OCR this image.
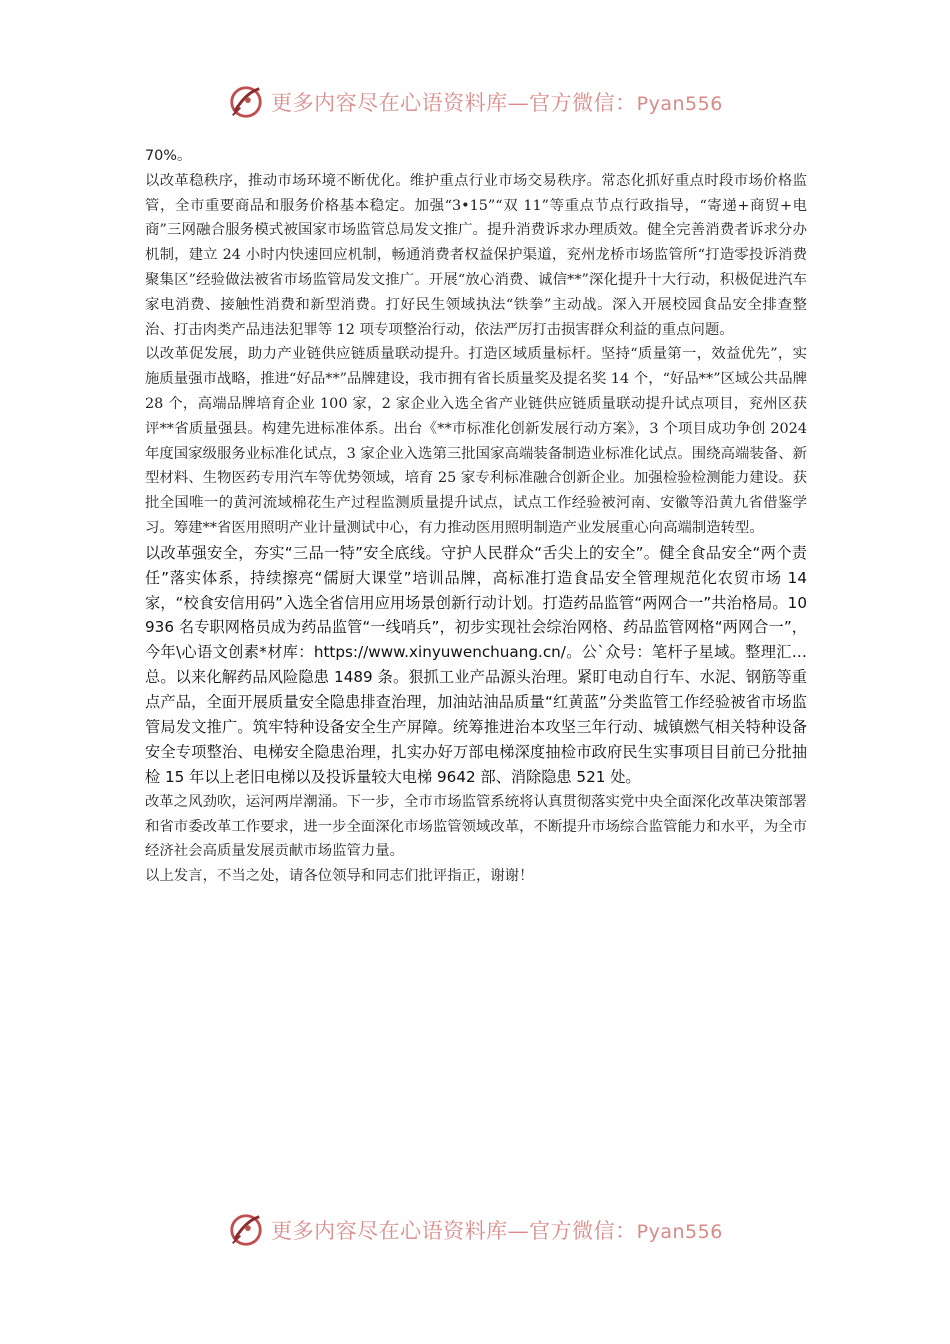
更多内容尽在心语资料库—官方微信：Pyan556

70%。

以改革稳秩序，推动市场环境不断优化。维护重点行业市场交易秩序。常态化抓好重点时段市场价格监管，全市重要商品和服务价格基本稳定。加强“3•15”“双 11”等重点节点行政指导，“寄递+商贸+电商”三网融合服务模式被国家市场监管总局发文推广。提升消费诉求办理质效。健全完善消费者诉求分办机制，建立 24 小时内快速回应机制，畅通消费者权益保护渠道，兖州龙桥市场监管所“打造零投诉消费聚集区”经验做法被省市场监管局发文推广。开展“放心消费、诚信**”深化提升十大行动，积极促进汽车家电消费、接触性消费和新型消费。打好民生领域执法“铁拳”主动战。深入开展校园食品安全排查整治、打击肉类产品违法犯罪等 12 项专项整治行动，依法严厉打击损害群众利益的重点问题。

以改革促发展，助力产业链供应链质量联动提升。打造区域质量标杆。坚持“质量第一，效益优先”，实施质量强市战略，推进“好品**”品牌建设，我市拥有省长质量奖及提名奖 14 个，“好品**”区域公共品牌 28 个，高端品牌培育企业 100 家，2 家企业入选全省产业链供应链质量联动提升试点项目，兖州区获评**省质量强县。构建先进标准体系。出台《**市标准化创新发展行动方案》，3 个项目成功争创 2024 年度国家级服务业标准化试点，3 家企业入选第三批国家高端装备制造业标准化试点。围绕高端装备、新型材料、生物医药专用汽车等优势领域，培育 25 家专利标准融合创新企业。加强检验检测能力建设。获批全国唯一的黄河流域棉花生产过程监测质量提升试点，试点工作经验被河南、安徽等沿黄九省借鉴学习。筹建**省医用照明产业计量测试中心，有力推动医用照明制造产业发展重心向高端制造转型。

以改革强安全，夯实“三品一特”安全底线。守护人民群众“舌尖上的安全”。健全食品安全“两个责任”落实体系，持续擦亮“儒厨大课堂”培训品牌，高标准打造食品安全管理规范化农贸市场 14 家，“校食安信用码”入选全省信用应用场景创新行动计划。打造药品监管“两网合一”共治格局。10936 名专职网格员成为药品监管“一线哨兵”，初步实现社会综治网格、药品监管网格“两网合一”，今年\心语文创素*材库：https://www.xinyuwenchuang.cn/。公`众号：笔杆子星域。整理汇…总。以来化解药品风险隐患 1489 条。狠抓工业产品源头治理。紧盯电动自行车、水泥、钢筋等重点产品，全面开展质量安全隐患排查治理，加油站油品质量“红黄蓝”分类监管工作经验被省市场监管局发文推广。筑牢特种设备安全生产屏障。统筹推进治本攻坚三年行动、城镇燃气相关特种设备安全专项整治、电梯安全隐患治理，扎实办好万部电梯深度抽检市政府民生实事项目目前已分批抽检 15 年以上老旧电梯以及投诉量较大电梯 9642 部、消除隐患 521 处。

改革之风劲吹，运河两岸潮涌。下一步，全市市场监管系统将认真贯彻落实党中央全面深化改革决策部署和省市委改革工作要求，进一步全面深化市场监管领域改革，不断提升市场综合监管能力和水平，为全市经济社会高质量发展贡献市场监管力量。

以上发言，不当之处，请各位领导和同志们批评指正，谢谢！

更多内容尽在心语资料库—官方微信：Pyan556
